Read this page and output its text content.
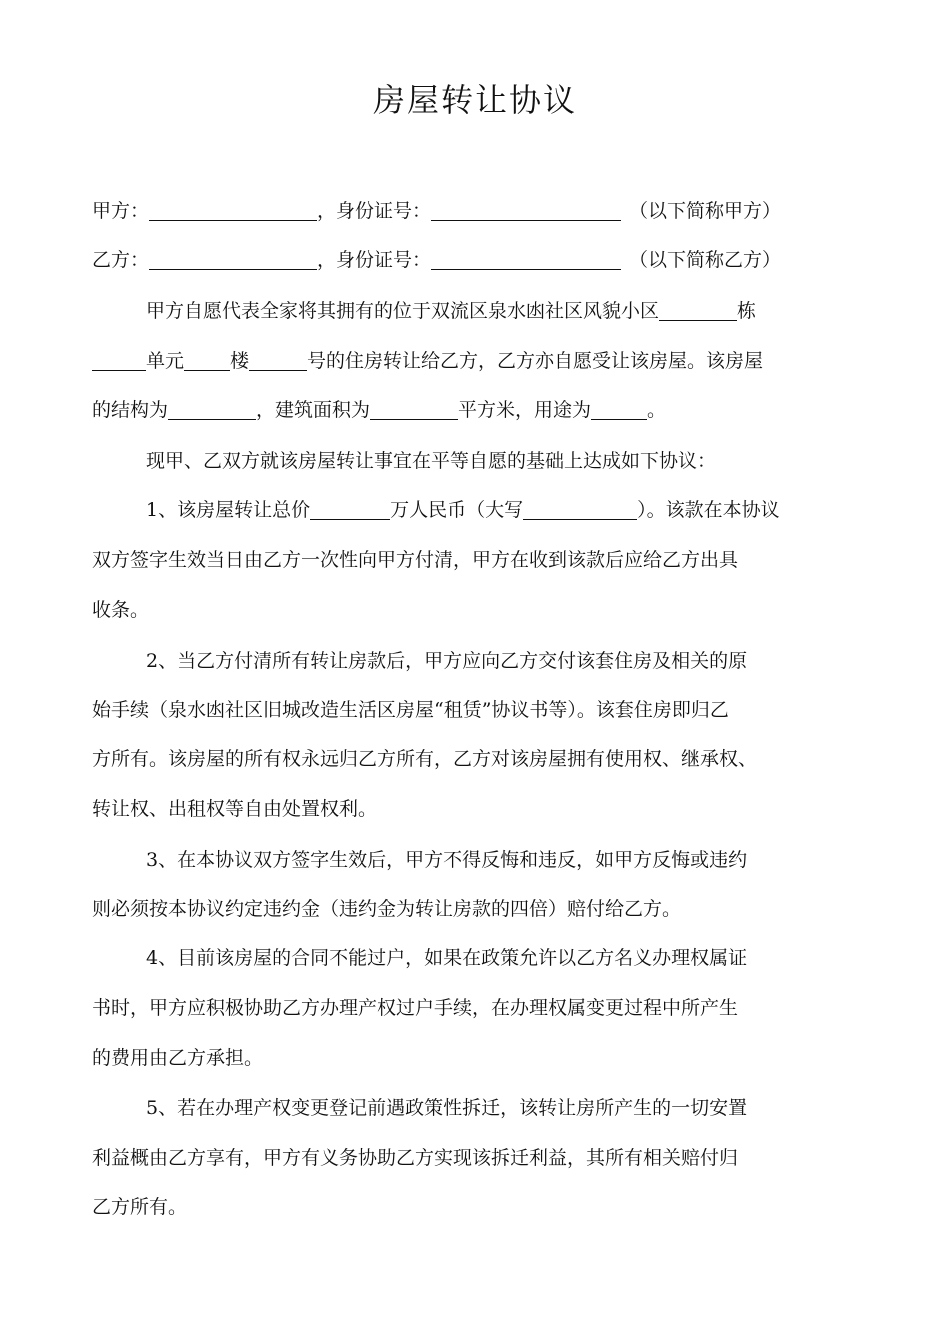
房屋转让协议
甲方：	，身份证号：	（以下简称甲方）
乙方：	，身份证号：	（以下简称乙方）
甲方自愿代表全家将其拥有的位于双流区泉水凼社区风貌小区	栋
单元 楼	号的住房转让给乙方，乙方亦自愿受让该房屋。该房屋
的结构为	，建筑面积为	平方米，用途为	。
现甲、乙双方就该房屋转让事宜在平等自愿的基础上达成如下协议：
1、该房屋转让总价	万人民币（大写	）。该款在本协议
双方签字生效当日由乙方一次性向甲方付清，甲方在收到该款后应给乙方出具
收条。
2、当乙方付清所有转让房款后，甲方应向乙方交付该套住房及相关的原
始手续（泉水凼社区旧城改造生活区房屋“租赁”协议书等）。该套住房即归乙
方所有。该房屋的所有权永远归乙方所有，乙方对该房屋拥有使用权、继承权、
转让权、出租权等自由处置权利。
3、在本协议双方签字生效后，甲方不得反悔和违反，如甲方反悔或违约
则必须按本协议约定违约金（违约金为转让房款的四倍）赔付给乙方。
4、目前该房屋的合同不能过户，如果在政策允许以乙方名义办理权属证
书时，甲方应积极协助乙方办理产权过户手续，在办理权属变更过程中所产生
的费用由乙方承担。
5、若在办理产权变更登记前遇政策性拆迁，该转让房所产生的一切安置
利益概由乙方享有，甲方有义务协助乙方实现该拆迁利益，其所有相关赔付归
乙方所有。
